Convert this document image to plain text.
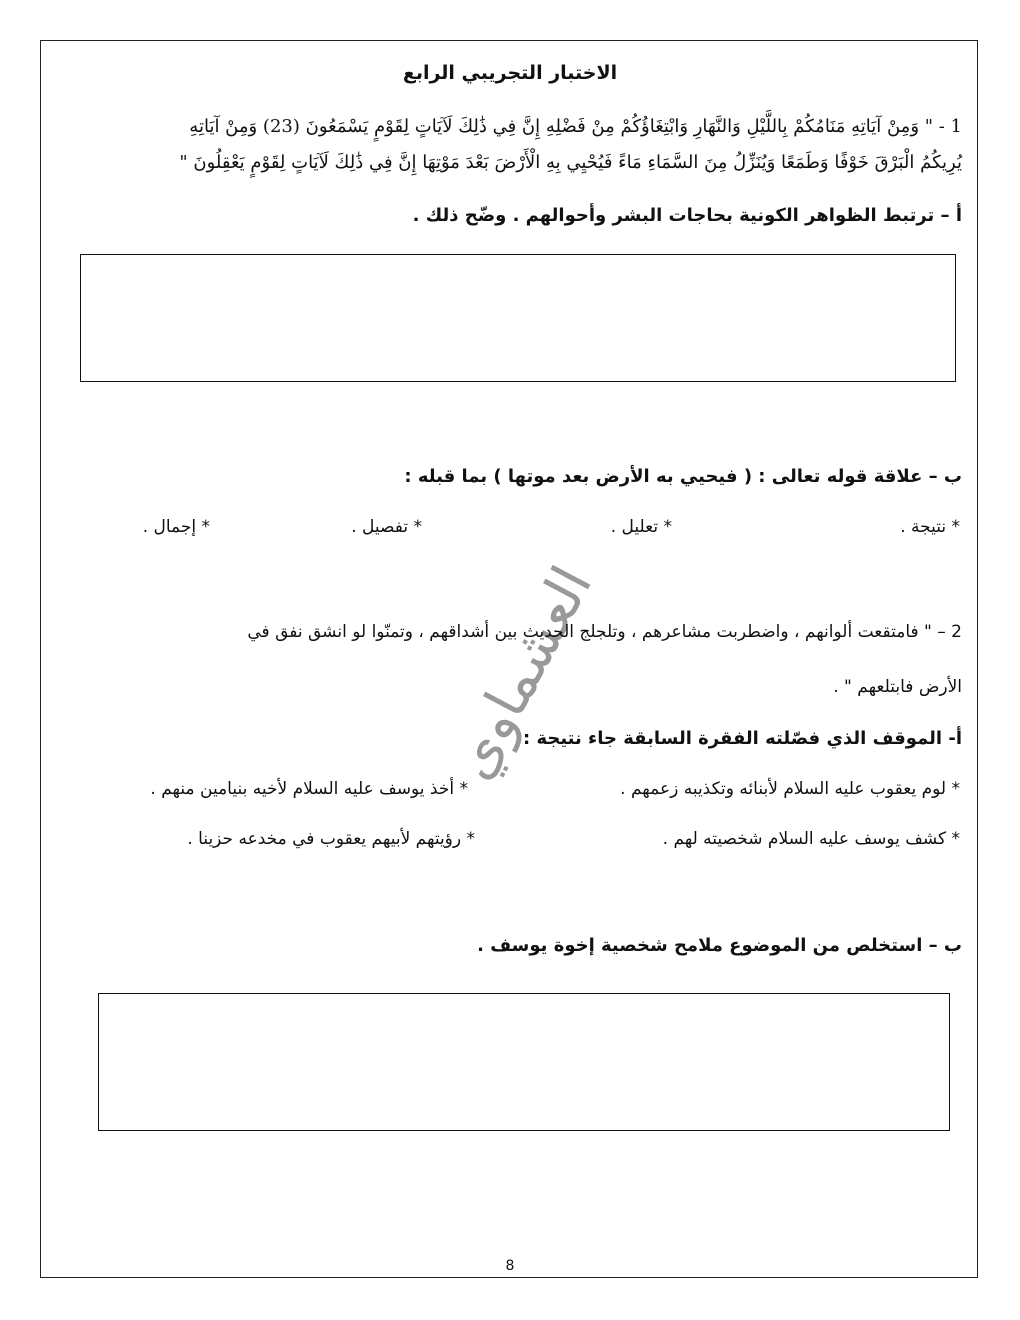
الاختبار التجريبي الرابع
1 - " وَمِنْ آيَاتِهِ مَنَامُكُمْ بِاللَّيْلِ وَالنَّهَارِ وَابْتِغَاؤُكُمْ مِنْ فَضْلِهِ إِنَّ فِي ذَٰلِكَ لَآيَاتٍ لِقَوْمٍ يَسْمَعُونَ (23) وَمِنْ آيَاتِهِ
يُرِيكُمُ الْبَرْقَ خَوْفًا وَطَمَعًا وَيُنَزِّلُ مِنَ السَّمَاءِ مَاءً فَيُحْيِي بِهِ الْأَرْضَ بَعْدَ مَوْتِهَا إِنَّ فِي ذَٰلِكَ لَآيَاتٍ لِقَوْمٍ يَعْقِلُونَ "
أ – ترتبط الظواهر الكونية بحاجات البشر وأحوالهم . وضّح ذلك .
ب – علاقة قوله تعالى : ( فيحيي به الأرض بعد موتها ) بما قبله :
* نتيجة .
* تعليل .
* تفصيل .
* إجمال .
العشماوي
2 – " فامتقعت ألوانهم ، واضطربت مشاعرهم ، وتلجلج الحديث بين أشداقهم ، وتمنّوا لو انشق نفق في
الأرض فابتلعهم " .
أ- الموقف الذي فصّلته الفقرة السابقة جاء نتيجة :
* لوم يعقوب عليه السلام لأبنائه وتكذيبه زعمهم .
* أخذ يوسف عليه السلام لأخيه بنيامين منهم .
* كشف يوسف عليه السلام شخصيته لهم .
* رؤيتهم لأبيهم يعقوب في مخدعه حزينا .
ب – استخلص من الموضوع ملامح شخصية إخوة يوسف .
8
